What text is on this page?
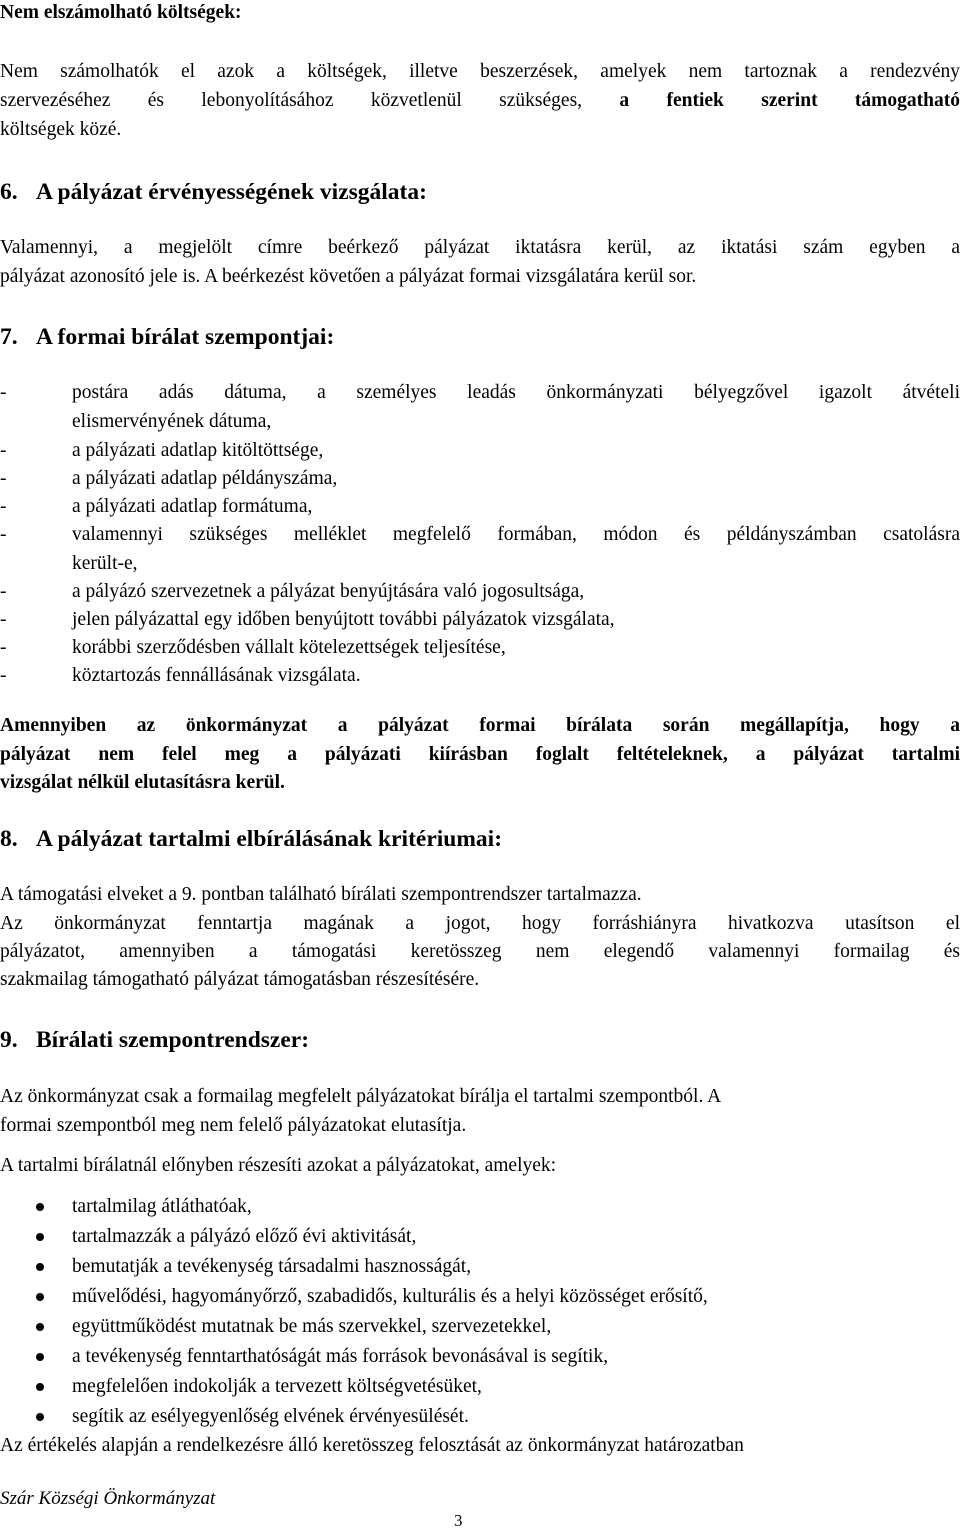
Nem elszámolható költségek:

Nem számolhatók el azok a költségek, illetve beszerzések, amelyek nem tartoznak a rendezvény

szervezéséhez és lebonyolításához közvetlenül szükséges, a fentiek szerint támogatható

költségek közé.

6. A pályázat érvényességének vizsgálata:

Valamennyi, a megjelölt címre beérkező pályázat iktatásra kerül, az iktatási szám egyben a

pályázat azonosító jele is. A beérkezést követően a pályázat formai vizsgálatára kerül sor.

7. A formai bírálat szempontjai:

-	postára adás dátuma, a személyes leadás önkormányzati bélyegzővel igazolt átvételi
elismervényének dátuma,
-	a pályázati adatlap kitöltöttsége,
-	a pályázati adatlap példányszáma,
-	a pályázati adatlap formátuma,
-	valamennyi szükséges melléklet megfelelő formában, módon és példányszámban csatolásra
került-e,
-	a pályázó szervezetnek a pályázat benyújtására való jogosultsága,
-	jelen pályázattal egy időben benyújtott további pályázatok vizsgálata,
-	korábbi szerződésben vállalt kötelezettségek teljesítése,
-	köztartozás fennállásának vizsgálata.

Amennyiben az önkormányzat a pályázat formai bírálata során megállapítja, hogy a

pályázat nem felel meg a pályázati kiírásban foglalt feltételeknek, a pályázat tartalmi

vizsgálat nélkül elutasításra kerül.

8. A pályázat tartalmi elbírálásának kritériumai:

A támogatási elveket a 9. pontban található bírálati szempontrendszer tartalmazza.

Az önkormányzat fenntartja magának a jogot, hogy forráshiányra hivatkozva utasítson el

pályázatot, amennyiben a támogatási keretösszeg nem elegendő valamennyi formailag és

szakmailag támogatható pályázat támogatásban részesítésére.

9. Bírálati szempontrendszer:

Az önkormányzat csak a formailag megfelelt pályázatokat bírálja el tartalmi szempontból. A

formai szempontból meg nem felelő pályázatokat elutasítja.

A tartalmi bírálatnál előnyben részesíti azokat a pályázatokat, amelyek:

tartalmilag átláthatóak,
tartalmazzák a pályázó előző évi aktivitását,
bemutatják a tevékenység társadalmi hasznosságát,
művelődési, hagyományőrző, szabadidős, kulturális és a helyi közösséget erősítő,
együttműködést mutatnak be más szervekkel, szervezetekkel,
a tevékenység fenntarthatóságát más források bevonásával is segítik,
megfelelően indokolják a tervezett költségvetésüket,
segítik az esélyegyenlőség elvének érvényesülését.

Az értékelés alapján a rendelkezésre álló keretösszeg felosztását az önkormányzat határozatban

Szár Községi Önkormányzat
3
